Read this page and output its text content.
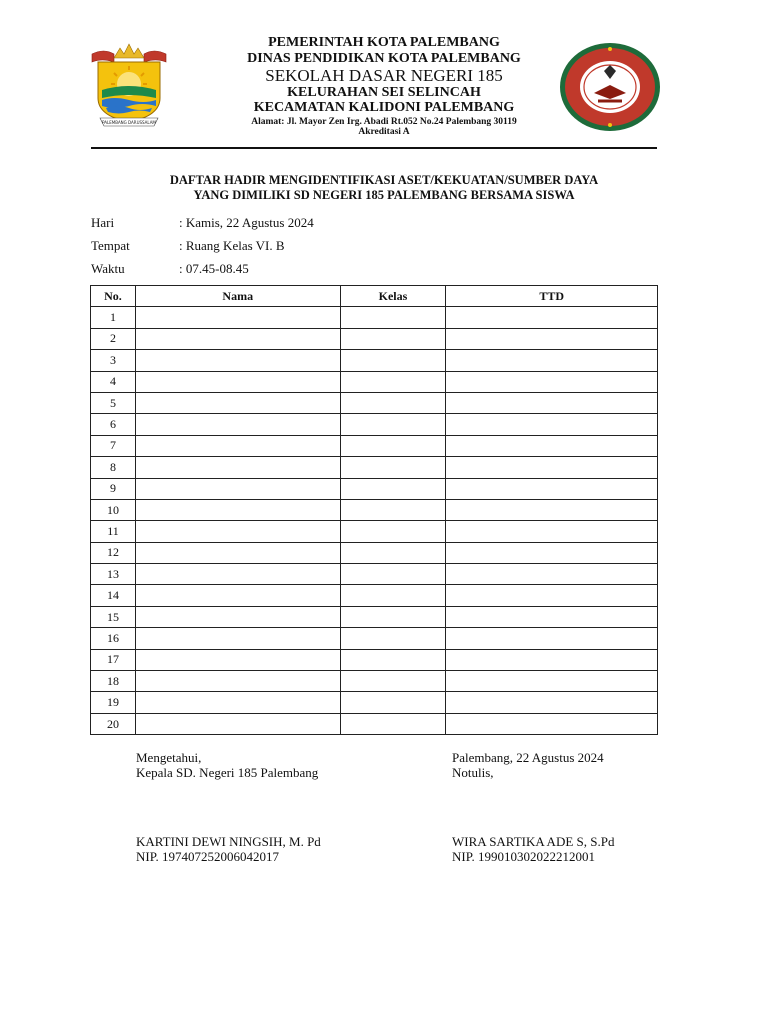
PALEMBANG DARUSSALAM
PEMERINTAH KOTA PALEMBANG
DINAS PENDIDIKAN KOTA PALEMBANG
SEKOLAH DASAR NEGERI 185
KELURAHAN SEI SELINCAH
KECAMATAN KALIDONI PALEMBANG
Alamat: Jl. Mayor Zen Irg. Abadi Rt.052 No.24 Palembang 30119
Akreditasi A
DAFTAR HADIR MENGIDENTIFIKASI ASET/KEKUATAN/SUMBER DAYA
YANG DIMILIKI SD NEGERI 185 PALEMBANG BERSAMA SISWA
Hari	: Kamis, 22 Agustus 2024
Tempat	: Ruang Kelas VI. B
Waktu	: 07.45-08.45
No.	Nama	Kelas	TTD
1			
2			
3			
4			
5			
6			
7			
8			
9			
10			
11			
12			
13			
14			
15			
16			
17			
18			
19			
20			
Mengetahui,
Kepala SD. Negeri 185 Palembang
Palembang, 22 Agustus 2024
Notulis,
KARTINI DEWI NINGSIH, M. Pd
NIP. 197407252006042017
WIRA SARTIKA ADE S, S.Pd
NIP. 199010302022212001
